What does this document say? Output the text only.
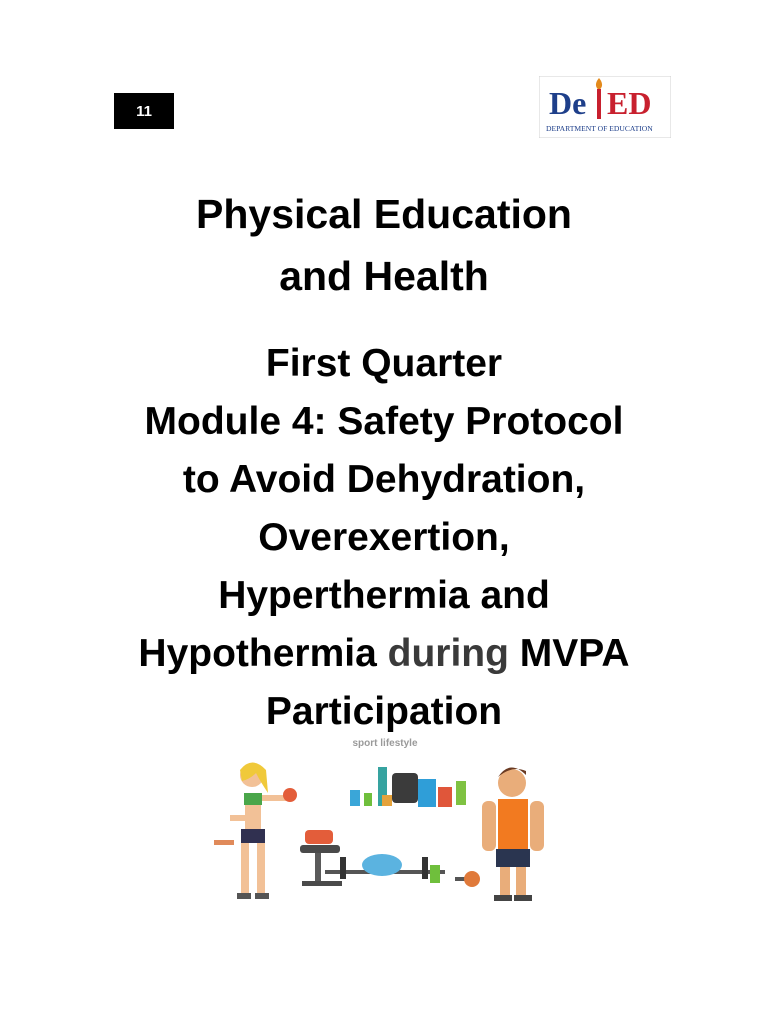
11	De ED
DEPARTMENT OF EDUCATION
Physical Education
and Health
First Quarter
Module 4: Safety Protocol
to Avoid Dehydration,
Overexertion,
Hyperthermia and
Hypothermia during MVPA
Participation
sport lifestyle
